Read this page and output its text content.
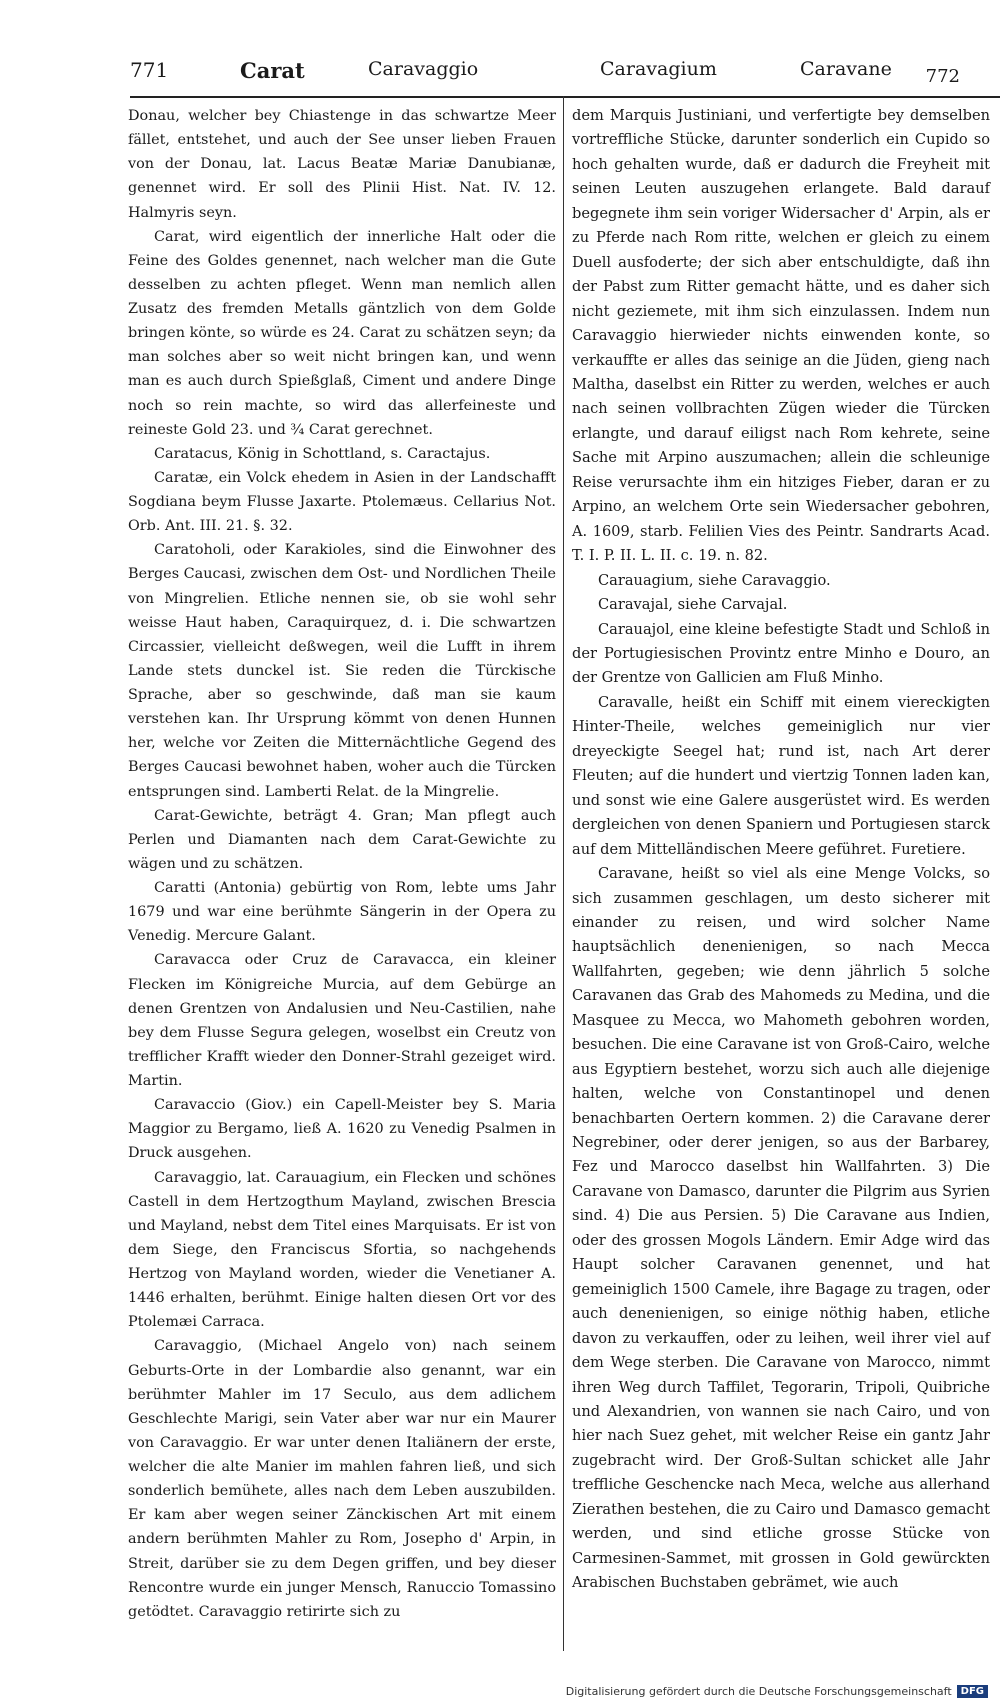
771	Carat	Caravaggio	Caravagium	Caravane 772

Donau, welcher bey Chiastenge in das schwartze Meer fället, entstehet, und auch der See unser lieben Frauen von der Donau, lat. Lacus Beatæ Mariæ Danubianæ, genennet wird. Er soll des Plinii Hist. Nat. IV. 12. Halmyris seyn.

Carat, wird eigentlich der innerliche Halt oder die Feine des Goldes genennet, nach welcher man die Gute desselben zu achten pfleget. Wenn man nemlich allen Zusatz des fremden Metalls gäntzlich von dem Golde bringen könte, so würde es 24. Carat zu schätzen seyn; da man solches aber so weit nicht bringen kan, und wenn man es auch durch Spießglaß, Ciment und andere Dinge noch so rein machte, so wird das allerfeineste und reineste Gold 23. und ¾ Carat gerechnet.

Caratacus, König in Schottland, s. Caractajus.

Caratæ, ein Volck ehedem in Asien in der Landschafft Sogdiana beym Flusse Jaxarte. Ptolemæus. Cellarius Not. Orb. Ant. III. 21. §. 32.

Caratoholi, oder Karakioles, sind die Einwohner des Berges Caucasi, zwischen dem Ost- und Nordlichen Theile von Mingrelien. Etliche nennen sie, ob sie wohl sehr weisse Haut haben, Caraquirquez, d. i. Die schwartzen Circassier, vielleicht deßwegen, weil die Lufft in ihrem Lande stets dunckel ist. Sie reden die Türckische Sprache, aber so geschwinde, daß man sie kaum verstehen kan. Ihr Ursprung kömmt von denen Hunnen her, welche vor Zeiten die Mitternächtliche Gegend des Berges Caucasi bewohnet haben, woher auch die Türcken entsprungen sind. Lamberti Relat. de la Mingrelie.

Carat-Gewichte, beträgt 4. Gran; Man pflegt auch Perlen und Diamanten nach dem Carat-Gewichte zu wägen und zu schätzen.

Caratti (Antonia) gebürtig von Rom, lebte ums Jahr 1679 und war eine berühmte Sängerin in der Opera zu Venedig. Mercure Galant.

Caravacca oder Cruz de Caravacca, ein kleiner Flecken im Königreiche Murcia, auf dem Gebürge an denen Grentzen von Andalusien und Neu-Castilien, nahe bey dem Flusse Segura gelegen, woselbst ein Creutz von trefflicher Krafft wieder den Donner-Strahl gezeiget wird. Martin.

Caravaccio (Giov.) ein Capell-Meister bey S. Maria Maggior zu Bergamo, ließ A. 1620 zu Venedig Psalmen in Druck ausgehen.

Caravaggio, lat. Carauagium, ein Flecken und schönes Castell in dem Hertzogthum Mayland, zwischen Brescia und Mayland, nebst dem Titel eines Marquisats. Er ist von dem Siege, den Franciscus Sfortia, so nachgehends Hertzog von Mayland worden, wieder die Venetianer A. 1446 erhalten, berühmt. Einige halten diesen Ort vor des Ptolemæi Carraca.

Caravaggio, (Michael Angelo von) nach seinem Geburts-Orte in der Lombardie also genannt, war ein berühmter Mahler im 17 Seculo, aus dem adlichem Geschlechte Marigi, sein Vater aber war nur ein Maurer von Caravaggio. Er war unter denen Italiänern der erste, welcher die alte Manier im mahlen fahren ließ, und sich sonderlich bemühete, alles nach dem Leben auszubilden. Er kam aber wegen seiner Zänckischen Art mit einem andern berühmten Mahler zu Rom, Josepho d' Arpin, in Streit, darüber sie zu dem Degen griffen, und bey dieser Rencontre wurde ein junger Mensch, Ranuccio Tomassino getödtet. Caravaggio retirirte sich zu

dem Marquis Justiniani, und verfertigte bey demselben vortreffliche Stücke, darunter sonderlich ein Cupido so hoch gehalten wurde, daß er dadurch die Freyheit mit seinen Leuten auszugehen erlangete. Bald darauf begegnete ihm sein voriger Widersacher d' Arpin, als er zu Pferde nach Rom ritte, welchen er gleich zu einem Duell ausfoderte; der sich aber entschuldigte, daß ihn der Pabst zum Ritter gemacht hätte, und es daher sich nicht geziemete, mit ihm sich einzulassen. Indem nun Caravaggio hierwieder nichts einwenden konte, so verkauffte er alles das seinige an die Jüden, gieng nach Maltha, daselbst ein Ritter zu werden, welches er auch nach seinen vollbrachten Zügen wieder die Türcken erlangte, und darauf eiligst nach Rom kehrete, seine Sache mit Arpino auszumachen; allein die schleunige Reise verursachte ihm ein hitziges Fieber, daran er zu Arpino, an welchem Orte sein Wiedersacher gebohren, A. 1609, starb. Felilien Vies des Peintr. Sandrarts Acad. T. I. P. II. L. II. c. 19. n. 82.

Carauagium, siehe Caravaggio.

Caravajal, siehe Carvajal.

Carauajol, eine kleine befestigte Stadt und Schloß in der Portugiesischen Provintz entre Minho e Douro, an der Grentze von Gallicien am Fluß Minho.

Caravalle, heißt ein Schiff mit einem viereckigten Hinter-Theile, welches gemeiniglich nur vier dreyeckigte Seegel hat; rund ist, nach Art derer Fleuten; auf die hundert und viertzig Tonnen laden kan, und sonst wie eine Galere ausgerüstet wird. Es werden dergleichen von denen Spaniern und Portugiesen starck auf dem Mittelländischen Meere geführet. Furetiere.

Caravane, heißt so viel als eine Menge Volcks, so sich zusammen geschlagen, um desto sicherer mit einander zu reisen, und wird solcher Name hauptsächlich denenienigen, so nach Mecca Wallfahrten, gegeben; wie denn jährlich 5 solche Caravanen das Grab des Mahomeds zu Medina, und die Masquee zu Mecca, wo Mahometh gebohren worden, besuchen. Die eine Caravane ist von Groß-Cairo, welche aus Egyptiern bestehet, worzu sich auch alle diejenige halten, welche von Constantinopel und denen benachbarten Oertern kommen. 2) die Caravane derer Negrebiner, oder derer jenigen, so aus der Barbarey, Fez und Marocco daselbst hin Wallfahrten. 3) Die Caravane von Damasco, darunter die Pilgrim aus Syrien sind. 4) Die aus Persien. 5) Die Caravane aus Indien, oder des grossen Mogols Ländern. Emir Adge wird das Haupt solcher Caravanen genennet, und hat gemeiniglich 1500 Camele, ihre Bagage zu tragen, oder auch denenienigen, so einige nöthig haben, etliche davon zu verkauffen, oder zu leihen, weil ihrer viel auf dem Wege sterben. Die Caravane von Marocco, nimmt ihren Weg durch Taffilet, Tegorarin, Tripoli, Quibriche und Alexandrien, von wannen sie nach Cairo, und von hier nach Suez gehet, mit welcher Reise ein gantz Jahr zugebracht wird. Der Groß-Sultan schicket alle Jahr treffliche Geschencke nach Meca, welche aus allerhand Zierathen bestehen, die zu Cairo und Damasco gemacht werden, und sind etliche grosse Stücke von Carmesinen-Sammet, mit grossen in Gold gewürckten Arabischen Buchstaben gebrämet, wie auch

Digitalisierung gefördert durch die Deutsche Forschungsgemeinschaft DFG
